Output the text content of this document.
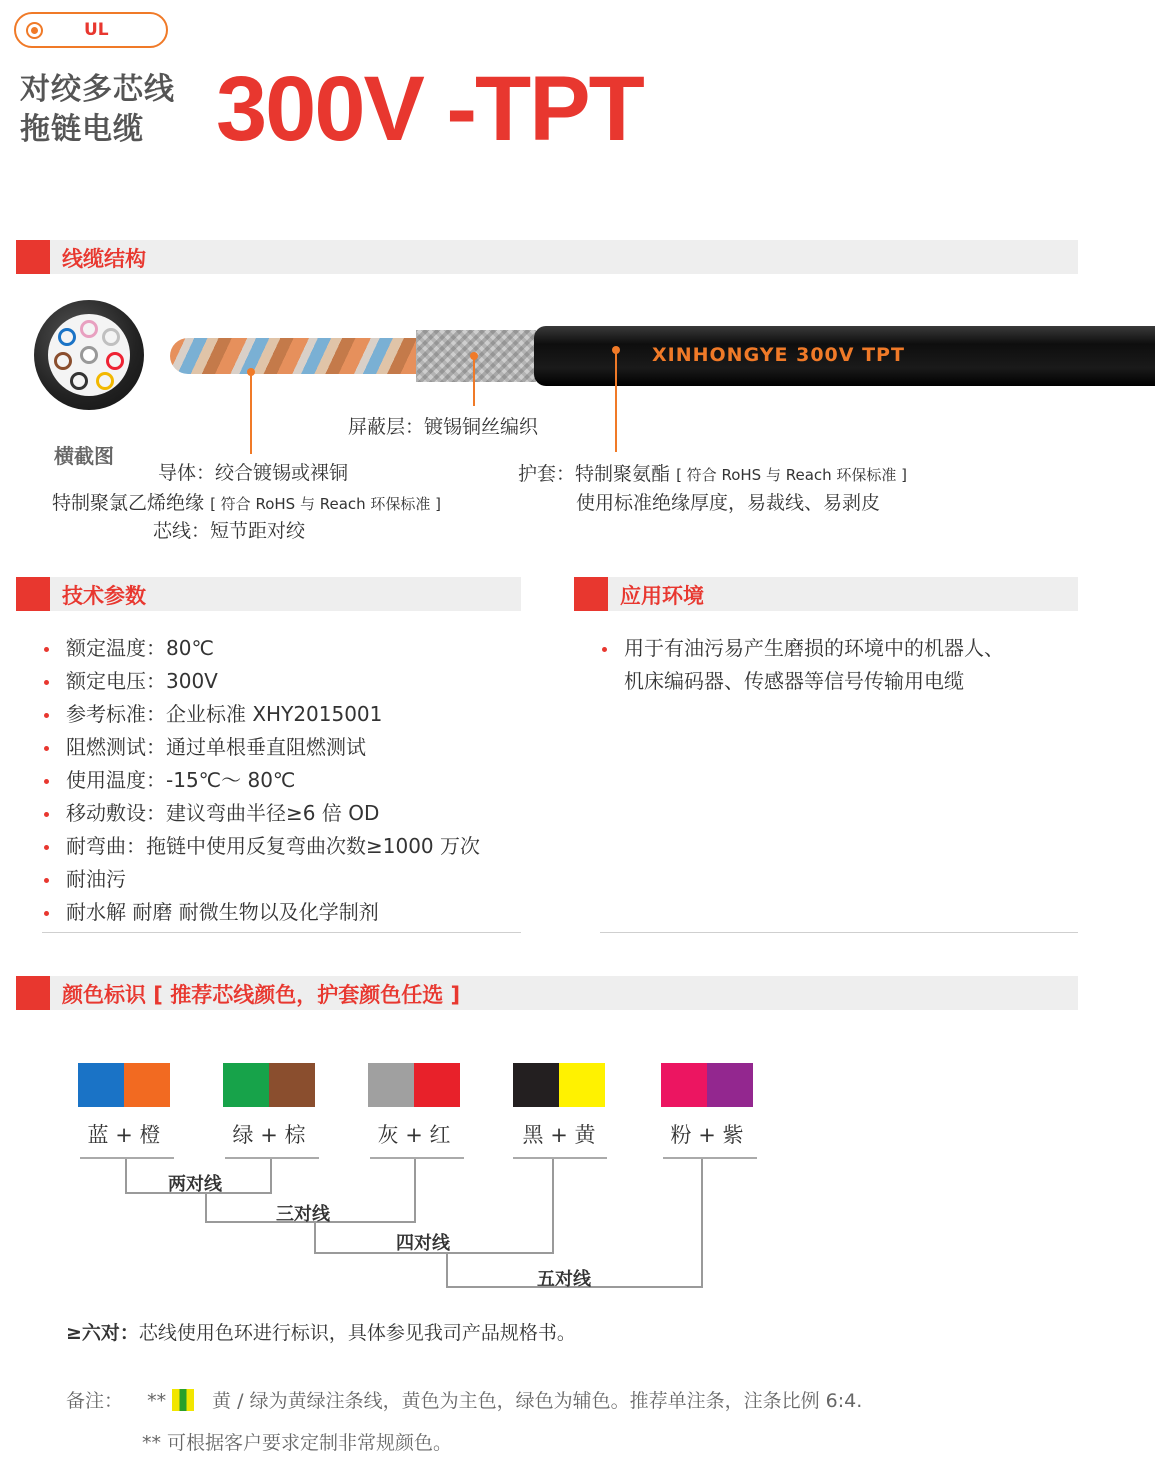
UL
对绞多芯线
拖链电缆 300V -TPT
线缆结构
XINHONGYE 300V TPT
横截图
屏蔽层：镀锡铜丝编织
导体：绞合镀锡或裸铜
特制聚氯乙烯绝缘 [ 符合 RoHS 与 Reach 环保标准 ]
芯线：短节距对绞
护套：特制聚氨酯 [ 符合 RoHS 与 Reach 环保标准 ]
使用标准绝缘厚度，易裁线、易剥皮
技术参数
额定温度：80℃
额定电压：300V
参考标准：企业标准 XHY2015001
阻燃测试：通过单根垂直阻燃测试
使用温度：-15℃～ 80℃
移动敷设：建议弯曲半径≥6 倍 OD
耐弯曲：拖链中使用反复弯曲次数≥1000 万次
耐油污
耐水解 耐磨 耐微生物以及化学制剂
应用环境
用于有油污易产生磨损的环境中的机器人、
机床编码器、传感器等信号传输用电缆
颜色标识 [ 推荐芯线颜色，护套颜色任选 ]
蓝 + 橙	绿 + 棕	灰 + 红	黑 + 黄	粉 + 紫
两对线
三对线
四对线
五对线
≥六对：芯线使用色环进行标识，具体参见我司产品规格书。
备注： ** 黄 / 绿为黄绿注条线，黄色为主色，绿色为辅色。推荐单注条，注条比例 6:4.
** 可根据客户要求定制非常规颜色。
